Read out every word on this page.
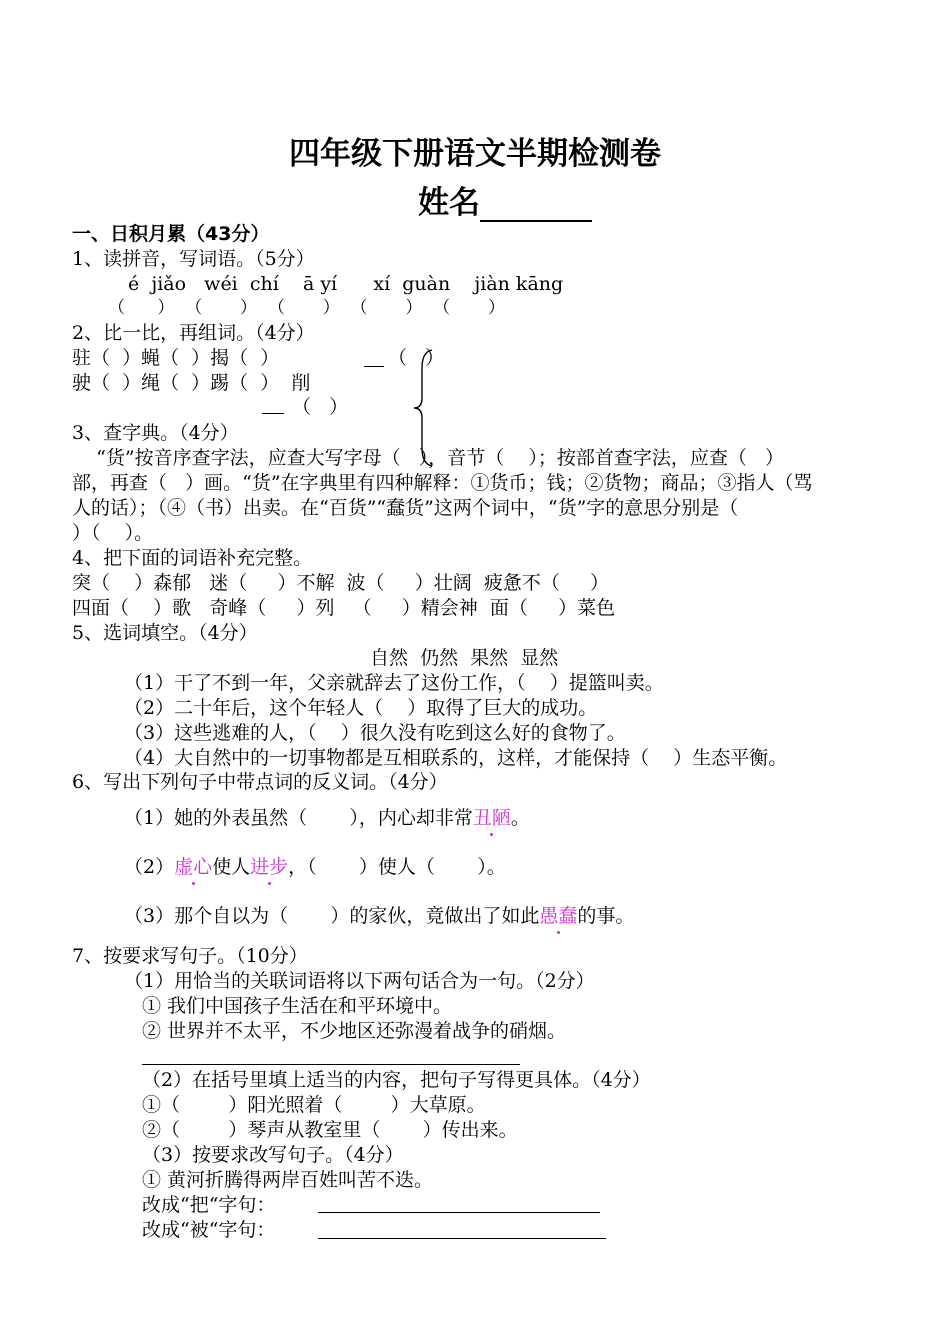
四年级下册语文半期检测卷
姓名
一、日积月累（43分）
1、读拼音，写词语。（5分）
é  jiǎo   wéi  chí    ā yí      xí  guàn    jiàn kāng
（      ）  （       ）  （       ）  （       ）  （       ）
2、比一比，再组词。（4分）
驻（  ）蝇（  ）揭（  ）	（   ）
驶（  ）绳（  ）踢（  ）  削
（   ）
3、查字典。（4分）
“货”按音序查字法，应查大写字母（   ），音节（    ）；按部首查字法，应查（   ）
部，再查（   ）画。“货”在字典里有四种解释：①货币；钱；②货物；商品；③指人（骂
人的话）；（④（书）出卖。在“百货”“蠢货”这两个词中，“货”字的意思分别是（
）（    ）。
4、把下面的词语补充完整。
突（    ）森郁   迷（     ）不解  波（     ）壮阔  疲惫不（     ）
四面（    ）歌   奇峰（     ）列   （     ）精会神  面（     ）菜色
5、选词填空。（4分）
自然  仍然  果然  显然
（1）干了不到一年，父亲就辞去了这份工作，（    ）提篮叫卖。
（2）二十年后，这个年轻人（    ）取得了巨大的成功。
（3）这些逃难的人，（    ）很久没有吃到这么好的食物了。
（4）大自然中的一切事物都是互相联系的，这样，才能保持（    ）生态平衡。
6、写出下列句子中带点词的反义词。（4分）
（1）她的外表虽然（       ），内心却非常丑陋。
（2）虚心使人进步，（       ）使人（       ）。
（3）那个自以为（       ）的家伙，竟做出了如此愚蠢的事。
7、按要求写句子。（10分）
（1）用恰当的关联词语将以下两句话合为一句。（2分）
① 我们中国孩子生活在和平环境中。
② 世界并不太平，不少地区还弥漫着战争的硝烟。
（2）在括号里填上适当的内容，把句子写得更具体。（4分）
①（        ）阳光照着（        ）大草原。
②（        ）琴声从教室里（       ）传出来。
（3）按要求改写句子。（4分）
① 黄河折腾得两岸百姓叫苦不迭。
改成“把“字句：
改成“被“字句：
